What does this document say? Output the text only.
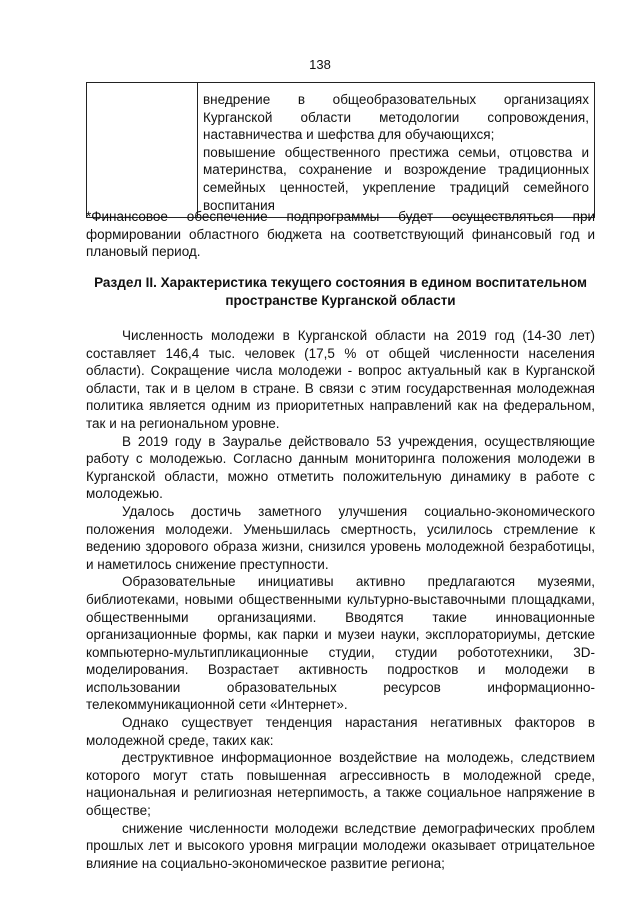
138

внедрение в общеобразовательных организациях Курганской области методологии сопровождения, наставничества и шефства для обучающихся;

повышение общественного престижа семьи, отцовства и материнства, сохранение и возрождение традиционных семейных ценностей, укрепление традиций семейного воспитания

*Финансовое обеспечение подпрограммы будет осуществляться при формировании областного бюджета на соответствующий финансовый год и плановый период.

Раздел II. Характеристика текущего состояния в едином воспитательном
пространстве Курганской области

Численность молодежи в Курганской области на 2019 год (14-30 лет) составляет 146,4 тыс. человек (17,5 % от общей численности населения области). Сокращение числа молодежи - вопрос актуальный как в Курганской области, так и в целом в стране. В связи с этим государственная молодежная политика является одним из приоритетных направлений как на федеральном, так и на региональном уровне.

В 2019 году в Зауралье действовало 53 учреждения, осуществляющие работу с молодежью. Согласно данным мониторинга положения молодежи в Курганской области, можно отметить положительную динамику в работе с молодежью.

Удалось достичь заметного улучшения социально-экономического положения молодежи. Уменьшилась смертность, усилилось стремление к ведению здорового образа жизни, снизился уровень молодежной безработицы, и наметилось снижение преступности.

Образовательные инициативы активно предлагаются музеями, библиотеками, новыми общественными культурно-выставочными площадками, общественными организациями. Вводятся такие инновационные организационные формы, как парки и музеи науки, эксплораториумы, детские компьютерно-мультипликационные студии, студии робототехники, 3D-моделирования. Возрастает активность подростков и молодежи в использовании образовательных ресурсов информационно-телекоммуникационной сети «Интернет».

Однако существует тенденция нарастания негативных факторов в молодежной среде, таких как:

деструктивное информационное воздействие на молодежь, следствием которого могут стать повышенная агрессивность в молодежной среде, национальная и религиозная нетерпимость, а также социальное напряжение в обществе;

снижение численности молодежи вследствие демографических проблем прошлых лет и высокого уровня миграции молодежи оказывает отрицательное влияние на социально-экономическое развитие региона;
